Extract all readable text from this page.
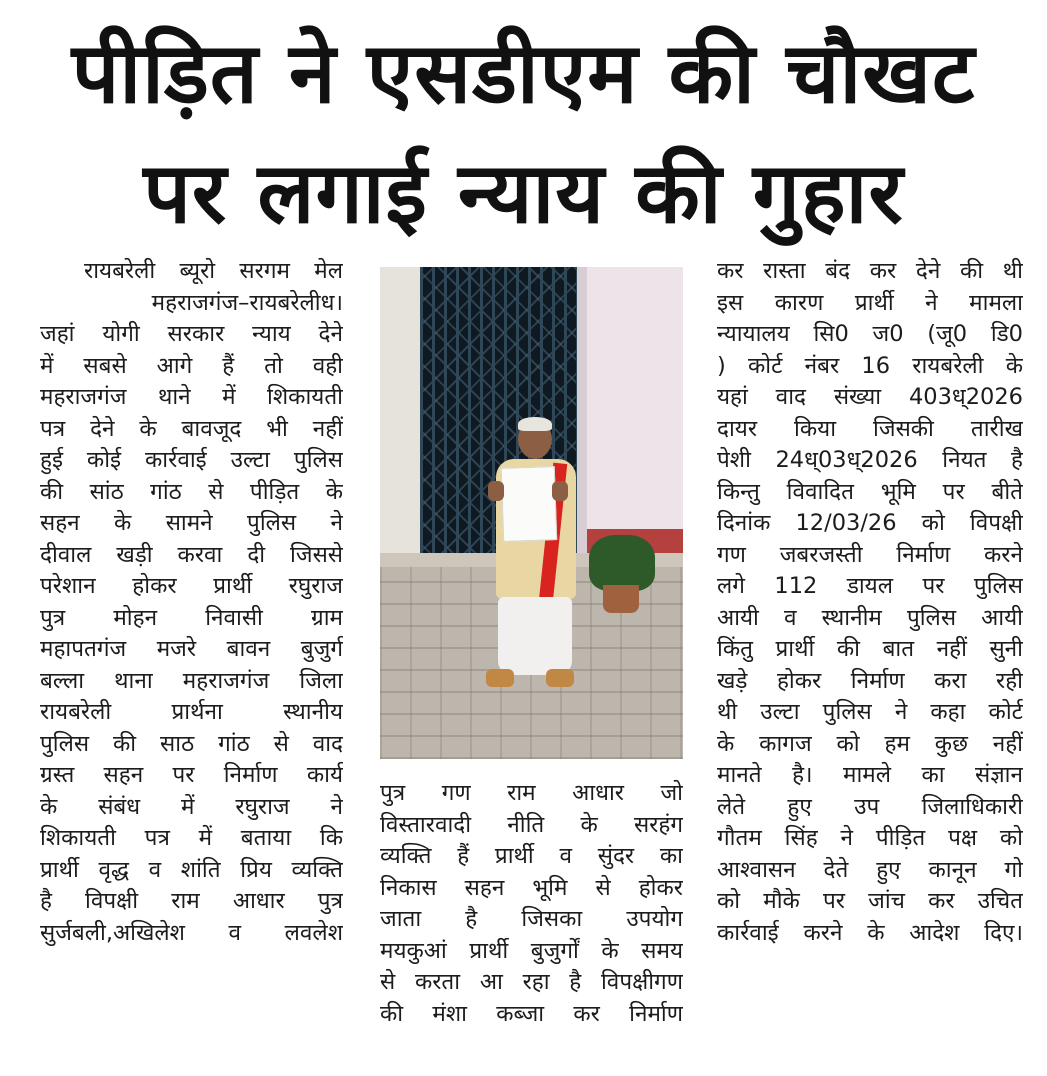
पीड़ित ने एसडीएम की चौखट
पर लगाई न्याय की गुहार
रायबरेली ब्यूरो सरगम मेल
महराजगंज–रायबरेलीध।
जहां योगी सरकार न्याय देने
में सबसे आगे हैं तो वही
महराजगंज थाने में शिकायती
पत्र देने के बावजूद भी नहीं
हुई कोई कार्रवाई उल्टा पुलिस
की सांठ गांठ से पीड़ित के
सहन के सामने पुलिस ने
दीवाल खड़ी करवा दी जिससे
परेशान होकर प्रार्थी रघुराज
पुत्र मोहन निवासी ग्राम
महापतगंज मजरे बावन बुजुर्ग
बल्ला थाना महराजगंज जिला
रायबरेली प्रार्थना स्थानीय
पुलिस की साठ गांठ से वाद
ग्रस्त सहन पर निर्माण कार्य
के संबंध में रघुराज ने
शिकायती पत्र में बताया कि
प्रार्थी वृद्ध व शांति प्रिय व्यक्ति
है विपक्षी राम आधार पुत्र
सुर्जबली,अखिलेश व लवलेश
पुत्र गण राम आधार जो
विस्तारवादी नीति के सरहंग
व्यक्ति हैं प्रार्थी व सुंदर का
निकास सहन भूमि से होकर
जाता है जिसका उपयोग
मयकुआं प्रार्थी बुजुर्गों के समय
से करता आ रहा है विपक्षीगण
की मंशा कब्जा कर निर्माण
कर रास्ता बंद कर देने की थी
इस कारण प्रार्थी ने मामला
न्यायालय सि0 ज0 (जू0 डि0
) कोर्ट नंबर 16 रायबरेली के
यहां वाद संख्या 403ध्2026
दायर किया जिसकी तारीख
पेशी 24ध्03ध्2026 नियत है
किन्तु विवादित भूमि पर बीते
दिनांक 12/03/26 को विपक्षी
गण जबरजस्ती निर्माण करने
लगे 112 डायल पर पुलिस
आयी व स्थानीम पुलिस आयी
किंतु प्रार्थी की बात नहीं सुनी
खड़े होकर निर्माण करा रही
थी उल्टा पुलिस ने कहा कोर्ट
के कागज को हम कुछ नहीं
मानते है। मामले का संज्ञान
लेते हुए उप जिलाधिकारी
गौतम सिंह ने पीड़ित पक्ष को
आश्वासन देते हुए कानून गो
को मौके पर जांच कर उचित
कार्रवाई करने के आदेश दिए।
